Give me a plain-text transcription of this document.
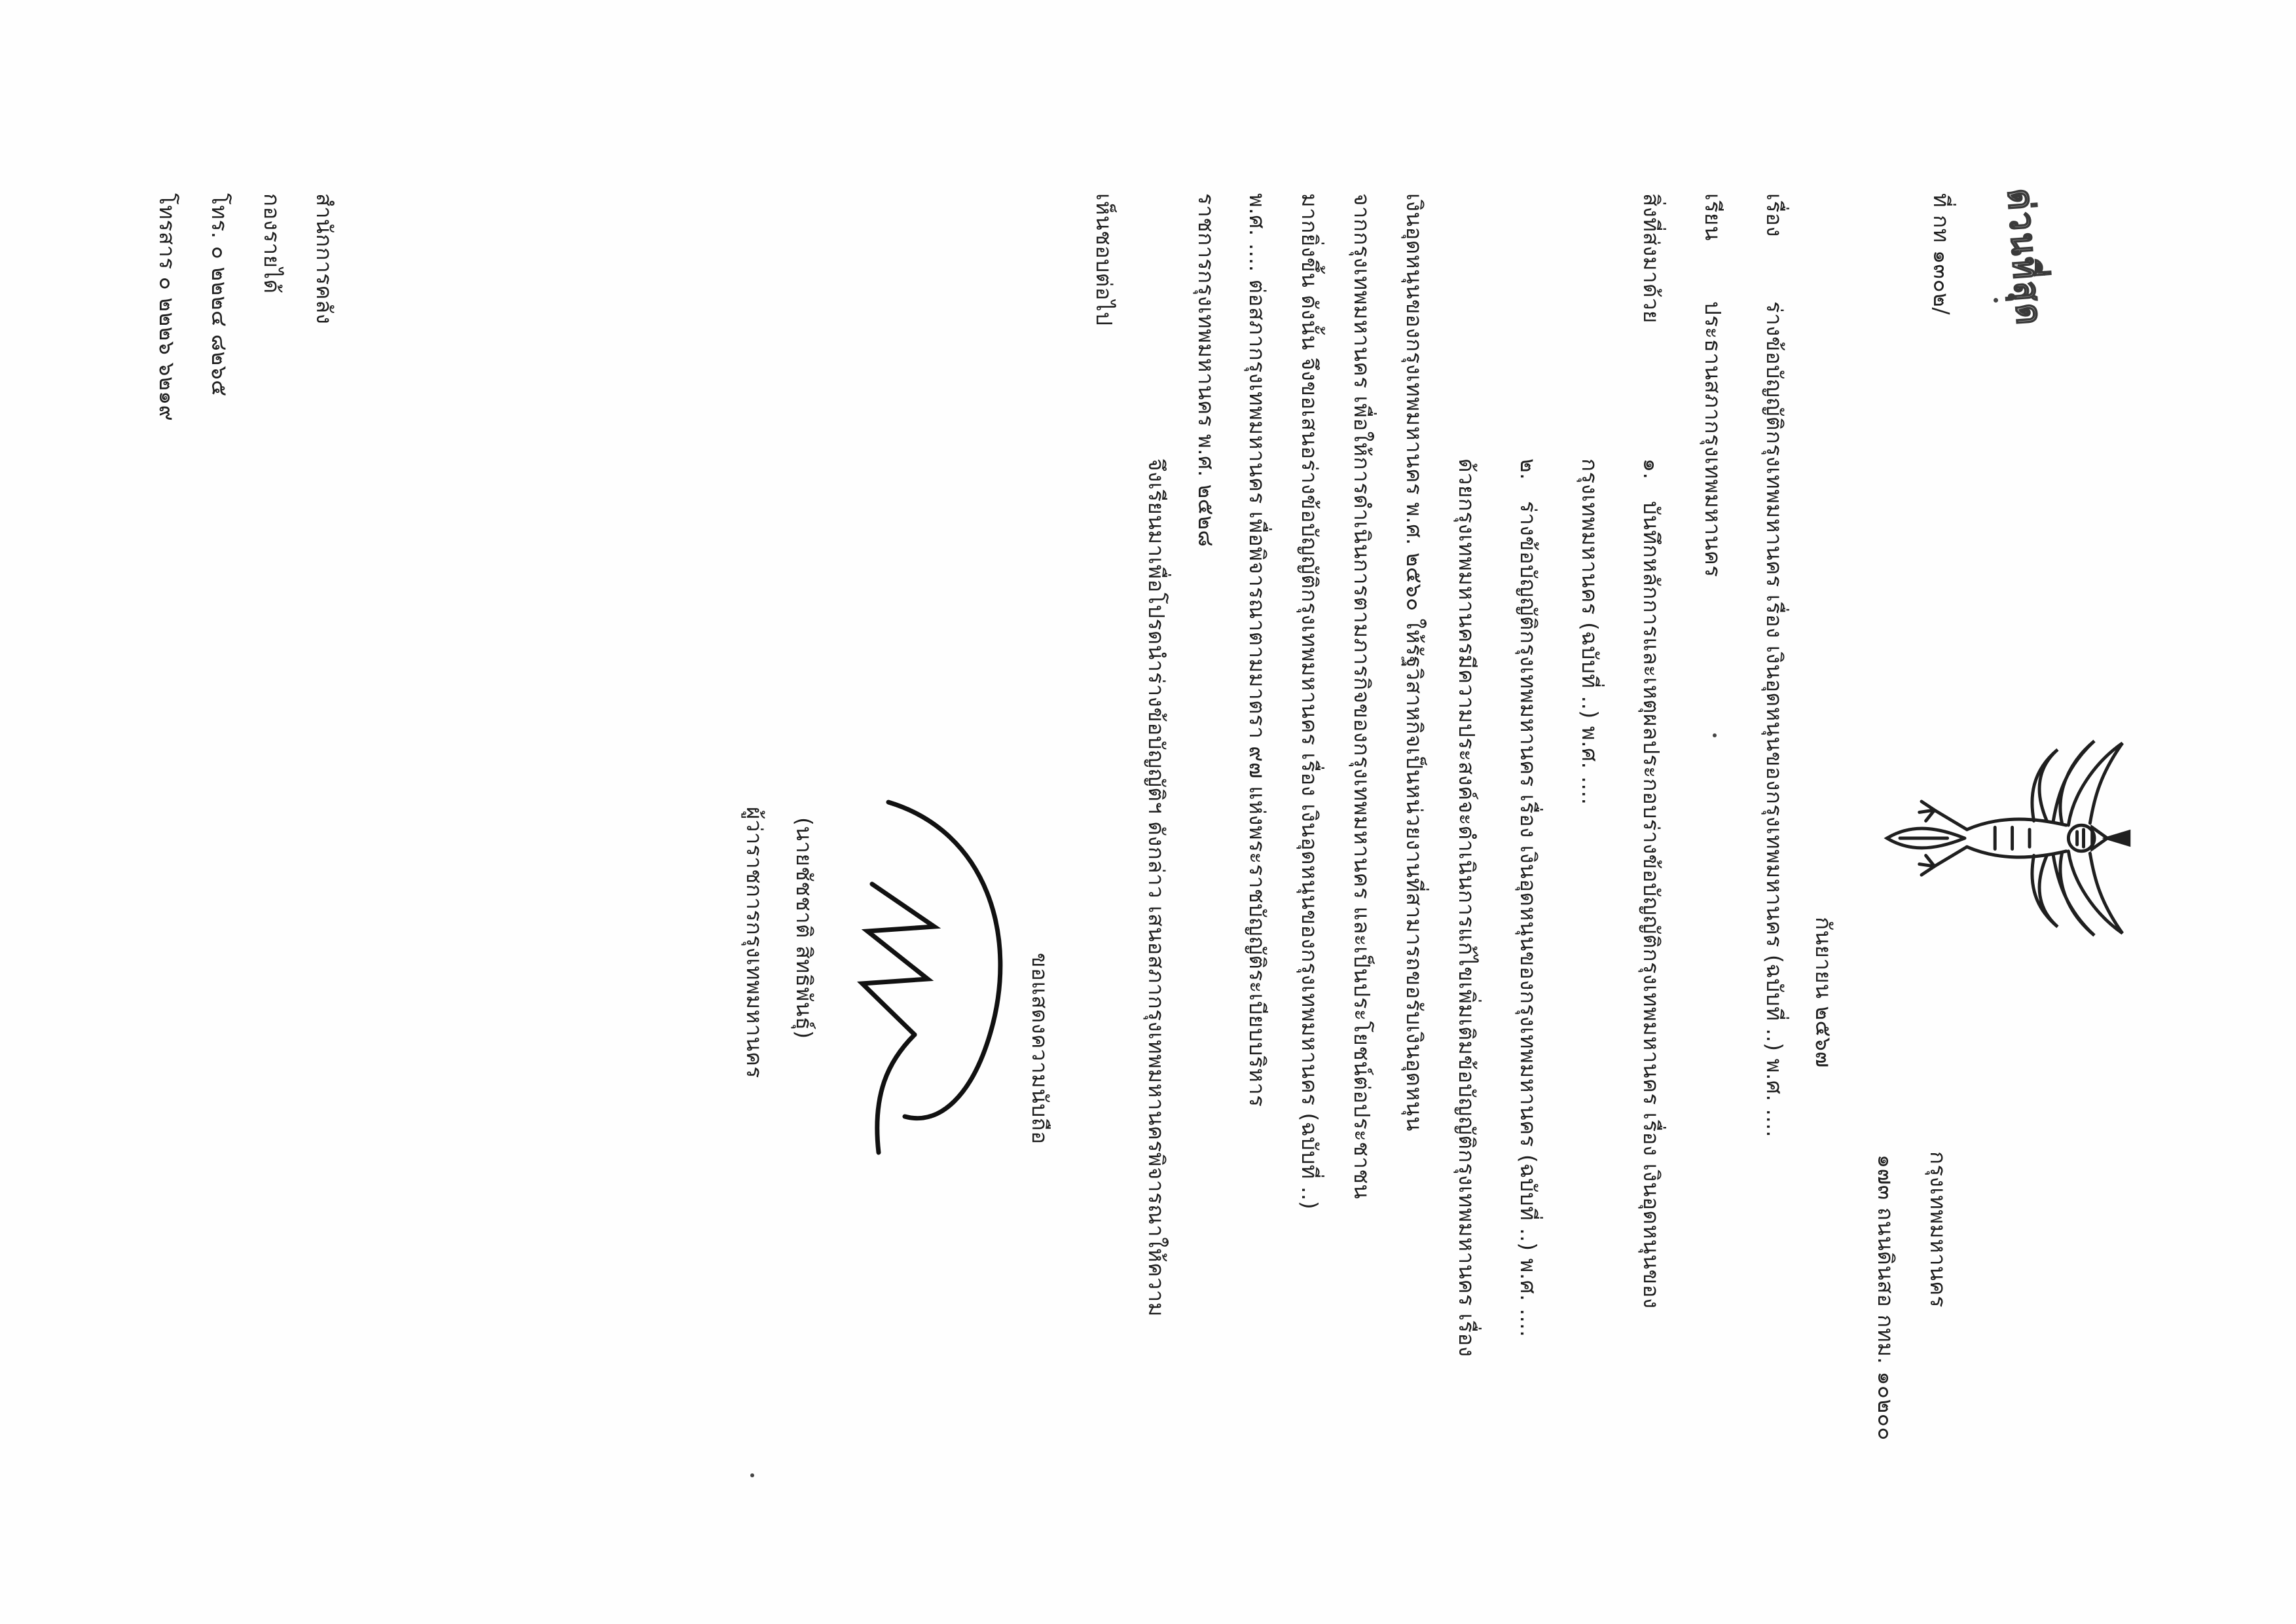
ด่วนที่สุด
ที่ กท ๑๓๐๒/
กรุงเทพมหานคร
๑๗๓ ถนนดินสอ กทม. ๑๐๒๐๐
กันยายน ๒๕๖๗
เรื่องร่างข้อบัญญัติกรุงเทพมหานคร เรื่อง เงินอุดหนุนของกรุงเทพมหานคร (ฉบับที่ ..) พ.ศ. ....
เรียนประธานสภากรุงเทพมหานคร
สิ่งที่ส่งมาด้วย
๑.
บันทึกหลักการและเหตุผลประกอบร่างข้อบัญญัติกรุงเทพมหานคร เรื่อง เงินอุดหนุนของ
กรุงเทพมหานคร (ฉบับที่ ..) พ.ศ. ....
๒.
ร่างข้อบัญญัติกรุงเทพมหานคร เรื่อง เงินอุดหนุนของกรุงเทพมหานคร (ฉบับที่ ..) พ.ศ. ....
ด้วยกรุงเทพมหานครมีความประสงค์จะดำเนินการแก้ไขเพิ่มเติมข้อบัญญัติกรุงเทพมหานคร เรื่อง
เงินอุดหนุนของกรุงเทพมหานคร พ.ศ. ๒๕๖๐ ให้รัฐวิสาหกิจเป็นหน่วยงานที่สามารถขอรับเงินอุดหนุน
จากกรุงเทพมหานคร เพื่อให้การดำเนินการตามภารกิจของกรุงเทพมหานคร และเป็นประโยชน์ต่อประชาชน
มากยิ่งขึ้น ดังนั้น จึงขอเสนอร่างข้อบัญญัติกรุงเทพมหานคร เรื่อง เงินอุดหนุนของกรุงเทพมหานคร (ฉบับที่ ..)
พ.ศ. .... ต่อสภากรุงเทพมหานคร เพื่อพิจารณาตามมาตรา ๙๗ แห่งพระราชบัญญัติระเบียบบริหาร
ราชการกรุงเทพมหานคร พ.ศ. ๒๕๒๘
จึงเรียนมาเพื่อโปรดนำร่างข้อบัญญัติฯ ดังกล่าว เสนอสภากรุงเทพมหานครพิจารณาให้ความ
เห็นชอบต่อไป
ขอแสดงความนับถือ
(นายชัชชาติ สิทธิพันธุ์)
ผู้ว่าราชการกรุงเทพมหานคร
สำนักการคลัง
กองรายได้
โทร. ๐ ๒๒๒๔ ๘๒๖๕
โทรสาร ๐ ๒๒๒๖ ๖๒๑๙
